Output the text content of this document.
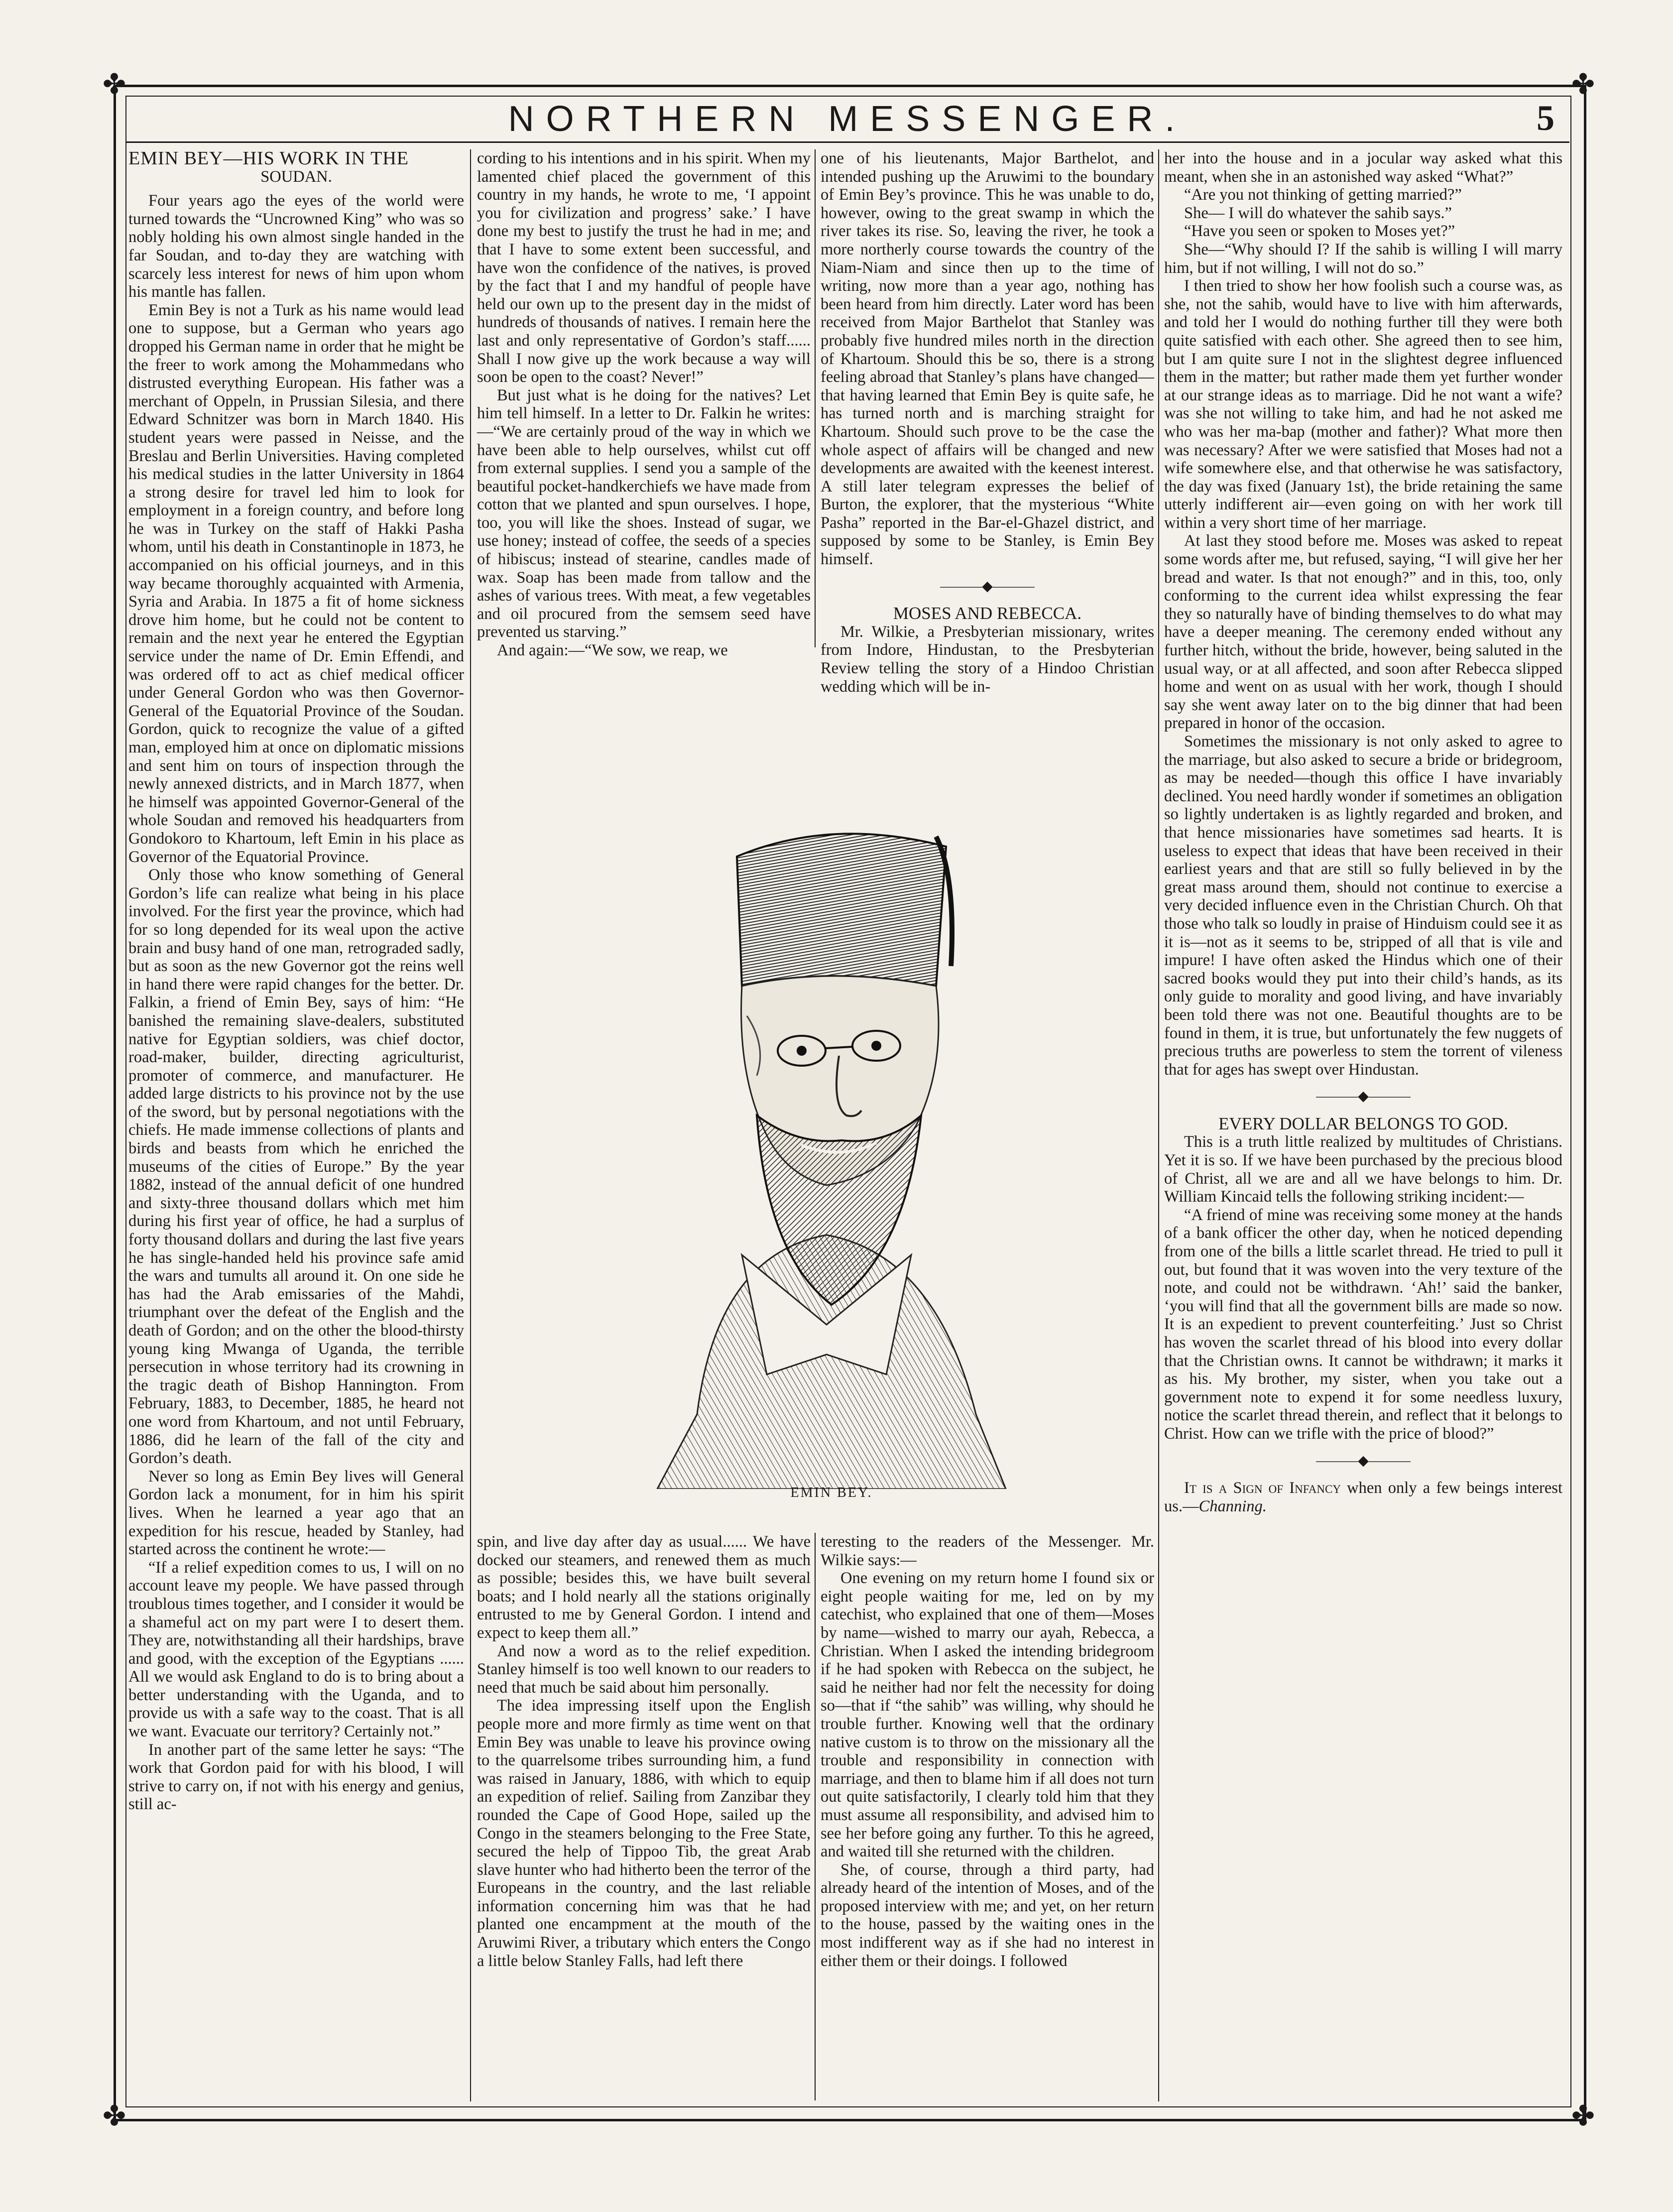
✤	✤
✤	✤
NORTHERN MESSENGER.	5

EMIN BEY—HIS WORK IN THE

SOUDAN.

Four years ago the eyes of the world were turned towards the “Uncrowned King” who was so nobly holding his own almost single handed in the far Soudan, and to-day they are watching with scarcely less interest for news of him upon whom his mantle has fallen.

Emin Bey is not a Turk as his name would lead one to suppose, but a German who years ago dropped his German name in order that he might be the freer to work among the Mohammedans who distrusted everything European. His father was a merchant of Oppeln, in Prussian Silesia, and there Edward Schnitzer was born in March 1840. His student years were passed in Neisse, and the Breslau and Berlin Universities. Having completed his medical studies in the latter University in 1864 a strong desire for travel led him to look for employment in a foreign country, and before long he was in Turkey on the staff of Hakki Pasha whom, until his death in Constantinople in 1873, he accompanied on his official journeys, and in this way became thoroughly acquainted with Armenia, Syria and Arabia. In 1875 a fit of home sickness drove him home, but he could not be content to remain and the next year he entered the Egyptian service under the name of Dr. Emin Effendi, and was ordered off to act as chief medical officer under General Gordon who was then Governor-General of the Equatorial Province of the Soudan. Gordon, quick to recognize the value of a gifted man, employed him at once on diplomatic missions and sent him on tours of inspection through the newly annexed districts, and in March 1877, when he himself was appointed Governor-General of the whole Soudan and removed his headquarters from Gondokoro to Khartoum, left Emin in his place as Governor of the Equatorial Province.

Only those who know something of General Gordon’s life can realize what being in his place involved. For the first year the province, which had for so long depended for its weal upon the active brain and busy hand of one man, retrograded sadly, but as soon as the new Governor got the reins well in hand there were rapid changes for the better. Dr. Falkin, a friend of Emin Bey, says of him: “He banished the remaining slave-dealers, substituted native for Egyptian soldiers, was chief doctor, road-maker, builder, directing agriculturist, promoter of commerce, and manufacturer. He added large districts to his province not by the use of the sword, but by personal negotiations with the chiefs. He made immense collections of plants and birds and beasts from which he enriched the museums of the cities of Europe.” By the year 1882, instead of the annual deficit of one hundred and sixty-three thousand dollars which met him during his first year of office, he had a surplus of forty thousand dollars and during the last five years he has single-handed held his province safe amid the wars and tumults all around it. On one side he has had the Arab emissaries of the Mahdi, triumphant over the defeat of the English and the death of Gordon; and on the other the blood-thirsty young king Mwanga of Uganda, the terrible persecution in whose territory had its crowning in the tragic death of Bishop Hannington. From February, 1883, to December, 1885, he heard not one word from Khartoum, and not until February, 1886, did he learn of the fall of the city and Gordon’s death.

Never so long as Emin Bey lives will General Gordon lack a monument, for in him his spirit lives. When he learned a year ago that an expedition for his rescue, headed by Stanley, had started across the continent he wrote:—

“If a relief expedition comes to us, I will on no account leave my people. We have passed through troublous times together, and I consider it would be a shameful act on my part were I to desert them. They are, notwithstanding all their hardships, brave and good, with the exception of the Egyptians ...... All we would ask England to do is to bring about a better understanding with the Uganda, and to provide us with a safe way to the coast. That is all we want. Evacuate our territory? Certainly not.”

In another part of the same letter he says: “The work that Gordon paid for with his blood, I will strive to carry on, if not with his energy and genius, still ac-

cording to his intentions and in his spirit. When my lamented chief placed the government of this country in my hands, he wrote to me, ‘I appoint you for civilization and progress’ sake.’ I have done my best to justify the trust he had in me; and that I have to some extent been successful, and have won the confidence of the natives, is proved by the fact that I and my handful of people have held our own up to the present day in the midst of hundreds of thousands of natives. I remain here the last and only representative of Gordon’s staff...... Shall I now give up the work because a way will soon be open to the coast? Never!”

But just what is he doing for the natives? Let him tell himself. In a letter to Dr. Falkin he writes:—“We are certainly proud of the way in which we have been able to help ourselves, whilst cut off from external supplies. I send you a sample of the beautiful pocket-handkerchiefs we have made from cotton that we planted and spun ourselves. I hope, too, you will like the shoes. Instead of sugar, we use honey; instead of coffee, the seeds of a species of hibiscus; instead of stearine, candles made of wax. Soap has been made from tallow and the ashes of various trees. With meat, a few vegetables and oil procured from the semsem seed have prevented us starving.”

And again:—“We sow, we reap, we

one of his lieutenants, Major Barthelot, and intended pushing up the Aruwimi to the boundary of Emin Bey’s province. This he was unable to do, however, owing to the great swamp in which the river takes its rise. So, leaving the river, he took a more northerly course towards the country of the Niam-Niam and since then up to the time of writing, now more than a year ago, nothing has been heard from him directly. Later word has been received from Major Barthelot that Stanley was probably five hundred miles north in the direction of Khartoum. Should this be so, there is a strong feeling abroad that Stanley’s plans have changed—that having learned that Emin Bey is quite safe, he has turned north and is marching straight for Khartoum. Should such prove to be the case the whole aspect of affairs will be changed and new developments are awaited with the keenest interest. A still later telegram expresses the belief of Burton, the explorer, that the mysterious “White Pasha” reported in the Bar-el-Ghazel district, and supposed by some to be Stanley, is Emin Bey himself.

———◆———

MOSES AND REBECCA.

Mr. Wilkie, a Presbyterian missionary, writes from Indore, Hindustan, to the Presbyterian Review telling the story of a Hindoo Christian wedding which will be in-

EMIN BEY.

spin, and live day after day as usual...... We have docked our steamers, and renewed them as much as possible; besides this, we have built several boats; and I hold nearly all the stations originally entrusted to me by General Gordon. I intend and expect to keep them all.”

And now a word as to the relief expedition. Stanley himself is too well known to our readers to need that much be said about him personally.

The idea impressing itself upon the English people more and more firmly as time went on that Emin Bey was unable to leave his province owing to the quarrelsome tribes surrounding him, a fund was raised in January, 1886, with which to equip an expedition of relief. Sailing from Zanzibar they rounded the Cape of Good Hope, sailed up the Congo in the steamers belonging to the Free State, secured the help of Tippoo Tib, the great Arab slave hunter who had hitherto been the terror of the Europeans in the country, and the last reliable information concerning him was that he had planted one encampment at the mouth of the Aruwimi River, a tributary which enters the Congo a little below Stanley Falls, had left there

teresting to the readers of the Messenger. Mr. Wilkie says:—

One evening on my return home I found six or eight people waiting for me, led on by my catechist, who explained that one of them—Moses by name—wished to marry our ayah, Rebecca, a Christian. When I asked the intending bridegroom if he had spoken with Rebecca on the subject, he said he neither had nor felt the necessity for doing so—that if “the sahib” was willing, why should he trouble further. Knowing well that the ordinary native custom is to throw on the missionary all the trouble and responsibility in connection with marriage, and then to blame him if all does not turn out quite satisfactorily, I clearly told him that they must assume all responsibility, and advised him to see her before going any further. To this he agreed, and waited till she returned with the children.

She, of course, through a third party, had already heard of the intention of Moses, and of the proposed interview with me; and yet, on her return to the house, passed by the waiting ones in the most indifferent way as if she had no interest in either them or their doings. I followed

her into the house and in a jocular way asked what this meant, when she in an astonished way asked “What?”

“Are you not thinking of getting married?”

She— I will do whatever the sahib says.”

“Have you seen or spoken to Moses yet?”

She—“Why should I? If the sahib is willing I will marry him, but if not willing, I will not do so.”

I then tried to show her how foolish such a course was, as she, not the sahib, would have to live with him afterwards, and told her I would do nothing further till they were both quite satisfied with each other. She agreed then to see him, but I am quite sure I not in the slightest degree influenced them in the matter; but rather made them yet further wonder at our strange ideas as to marriage. Did he not want a wife? was she not willing to take him, and had he not asked me who was her ma-bap (mother and father)? What more then was necessary? After we were satisfied that Moses had not a wife somewhere else, and that otherwise he was satisfactory, the day was fixed (January 1st), the bride retaining the same utterly indifferent air—even going on with her work till within a very short time of her marriage.

At last they stood before me. Moses was asked to repeat some words after me, but refused, saying, “I will give her her bread and water. Is that not enough?” and in this, too, only conforming to the current idea whilst expressing the fear they so naturally have of binding themselves to do what may have a deeper meaning. The ceremony ended without any further hitch, without the bride, however, being saluted in the usual way, or at all affected, and soon after Rebecca slipped home and went on as usual with her work, though I should say she went away later on to the big dinner that had been prepared in honor of the occasion.

Sometimes the missionary is not only asked to agree to the marriage, but also asked to secure a bride or bridegroom, as may be needed—though this office I have invariably declined. You need hardly wonder if sometimes an obligation so lightly undertaken is as lightly regarded and broken, and that hence missionaries have sometimes sad hearts. It is useless to expect that ideas that have been received in their earliest years and that are still so fully believed in by the great mass around them, should not continue to exercise a very decided influence even in the Christian Church. Oh that those who talk so loudly in praise of Hinduism could see it as it is—not as it seems to be, stripped of all that is vile and impure! I have often asked the Hindus which one of their sacred books would they put into their child’s hands, as its only guide to morality and good living, and have invariably been told there was not one. Beautiful thoughts are to be found in them, it is true, but unfortunately the few nuggets of precious truths are powerless to stem the torrent of vileness that for ages has swept over Hindustan.

———◆———

EVERY DOLLAR BELONGS TO GOD.

This is a truth little realized by multitudes of Christians. Yet it is so. If we have been purchased by the precious blood of Christ, all we are and all we have belongs to him. Dr. William Kincaid tells the following striking incident:—

“A friend of mine was receiving some money at the hands of a bank officer the other day, when he noticed depending from one of the bills a little scarlet thread. He tried to pull it out, but found that it was woven into the very texture of the note, and could not be withdrawn. ‘Ah!’ said the banker, ‘you will find that all the government bills are made so now. It is an expedient to prevent counterfeiting.’ Just so Christ has woven the scarlet thread of his blood into every dollar that the Christian owns. It cannot be withdrawn; it marks it as his. My brother, my sister, when you take out a government note to expend it for some needless luxury, notice the scarlet thread therein, and reflect that it belongs to Christ. How can we trifle with the price of blood?”

———◆———

It is a Sign of Infancy when only a few beings interest us.—Channing.
